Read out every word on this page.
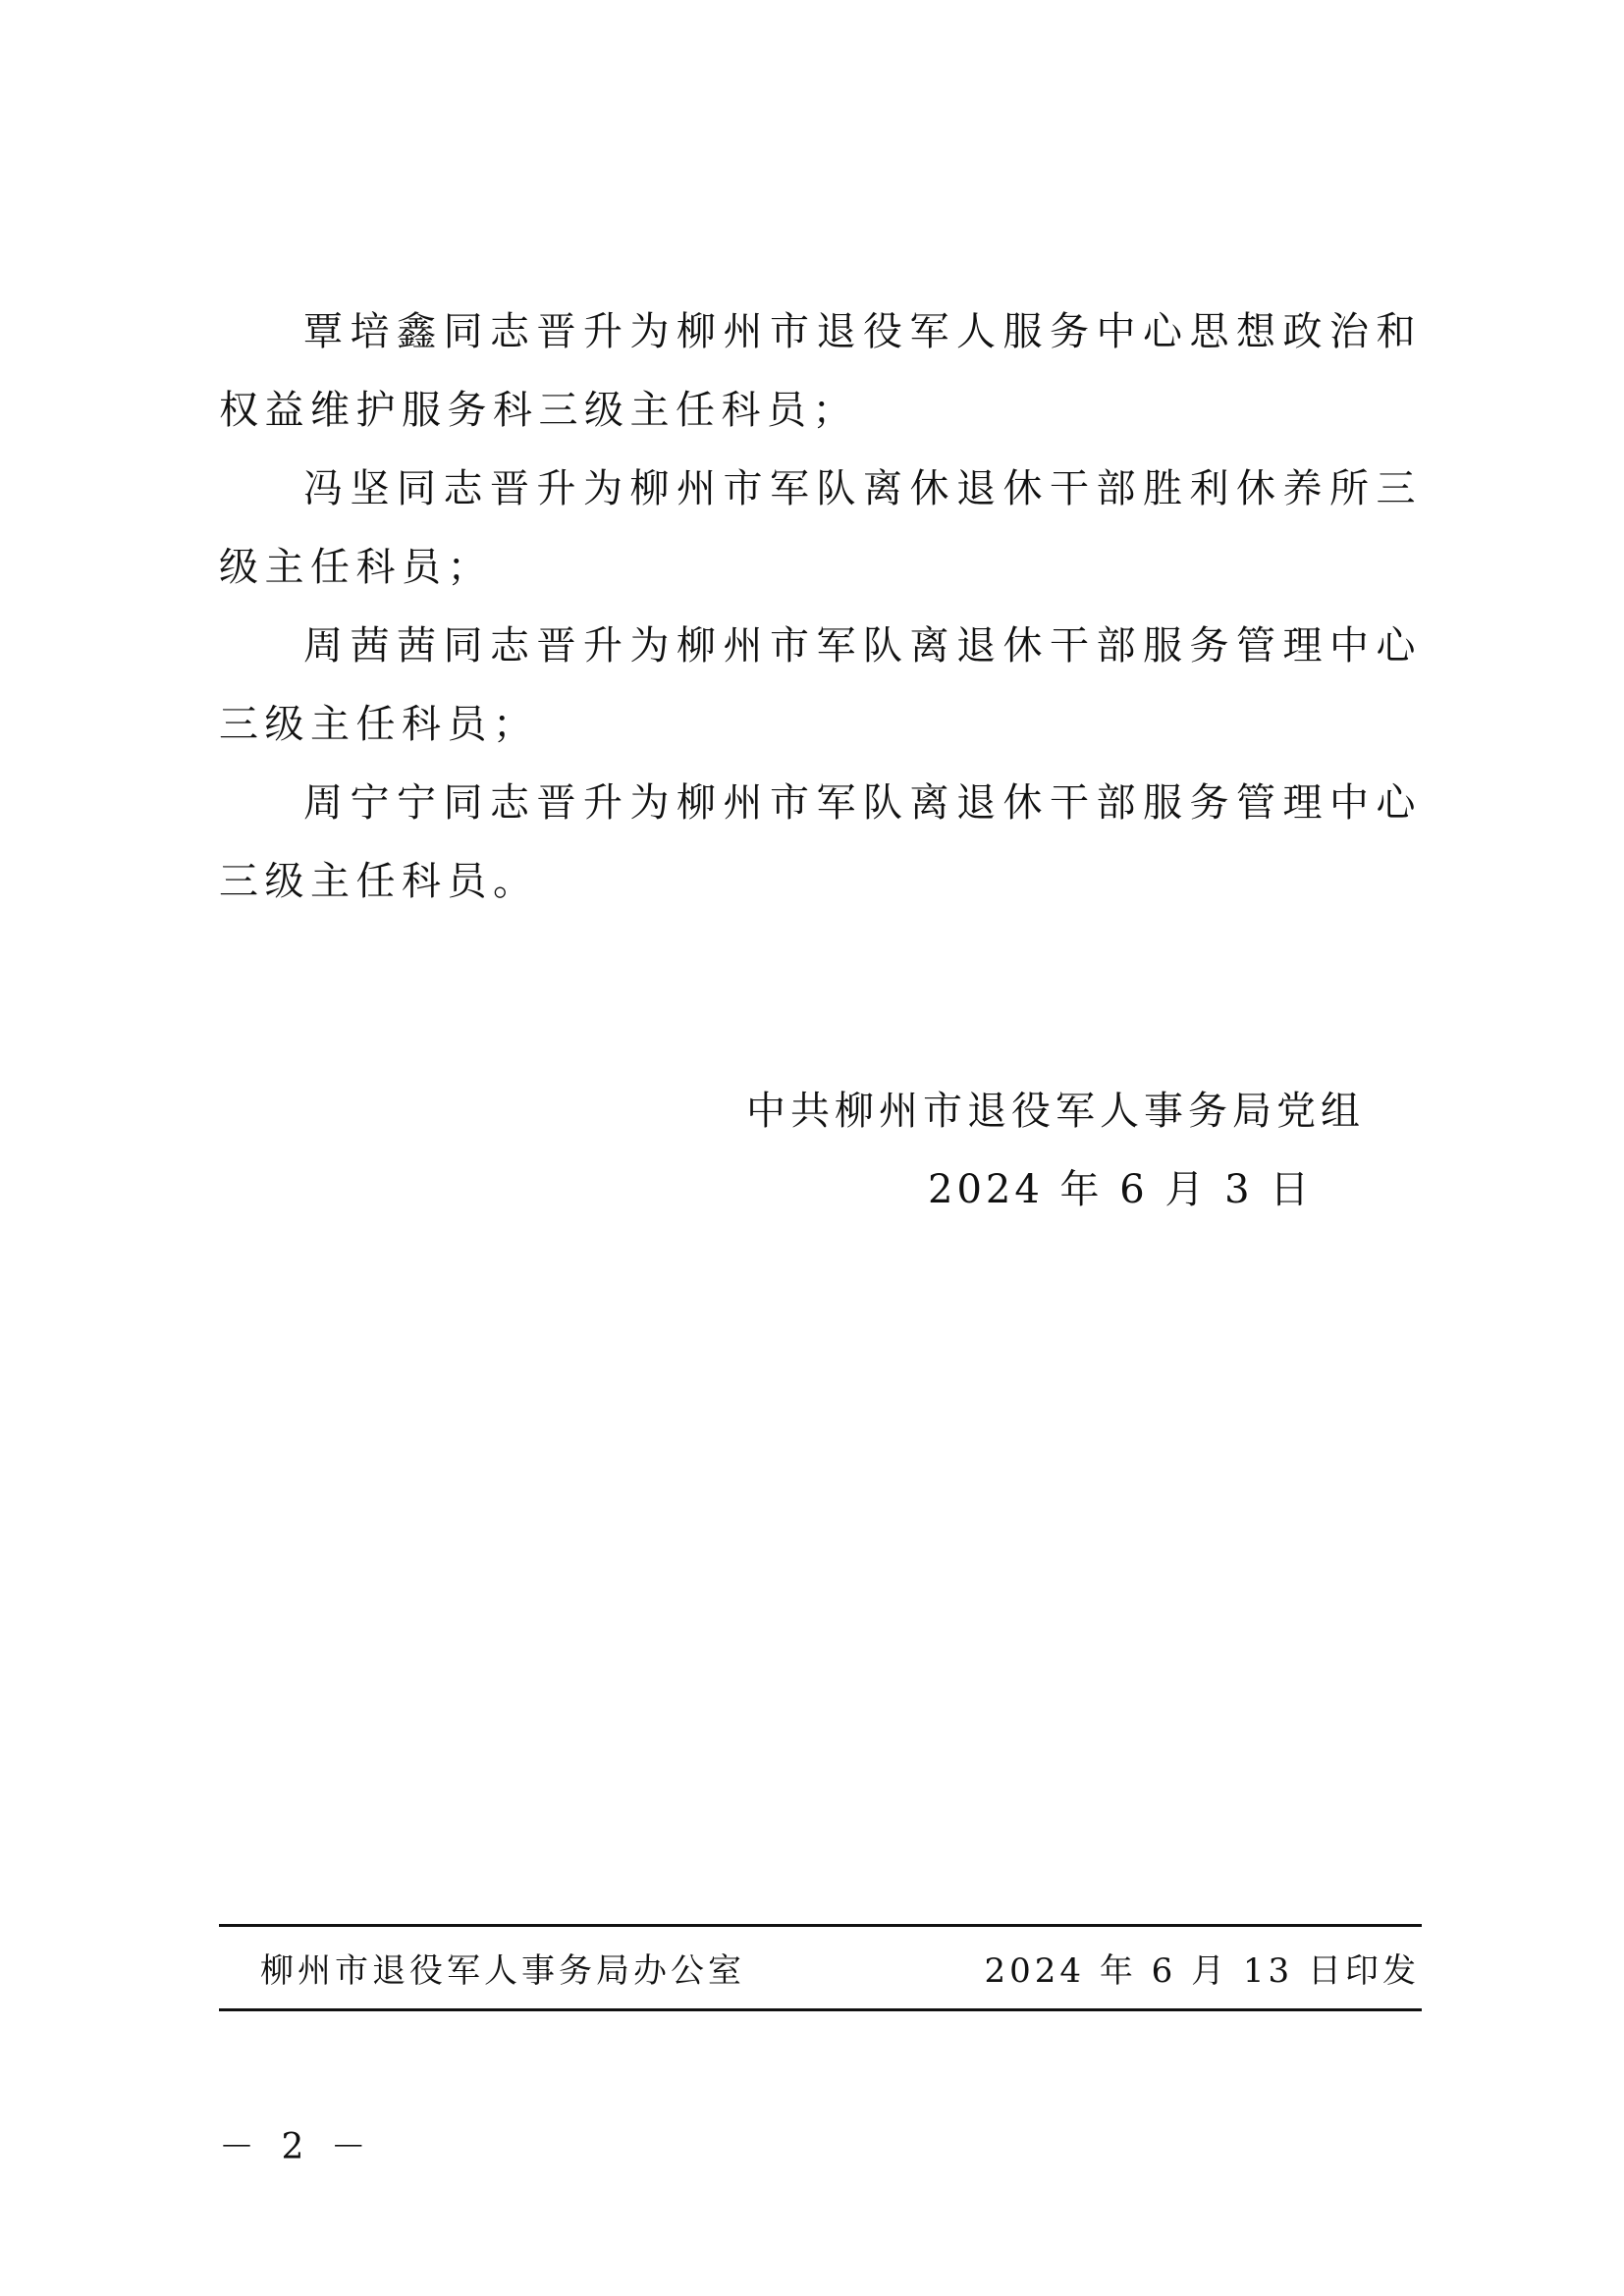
覃培鑫同志晋升为柳州市退役军人服务中心思想政治和权益维护服务科三级主任科员；

冯坚同志晋升为柳州市军队离休退休干部胜利休养所三级主任科员；

周茜茜同志晋升为柳州市军队离退休干部服务管理中心三级主任科员；

周宁宁同志晋升为柳州市军队离退休干部服务管理中心三级主任科员。

中共柳州市退役军人事务局党组
2024 年 6 月 3 日
柳州市退役军人事务局办公室	2024 年 6 月 13 日印发
－ 2 －
